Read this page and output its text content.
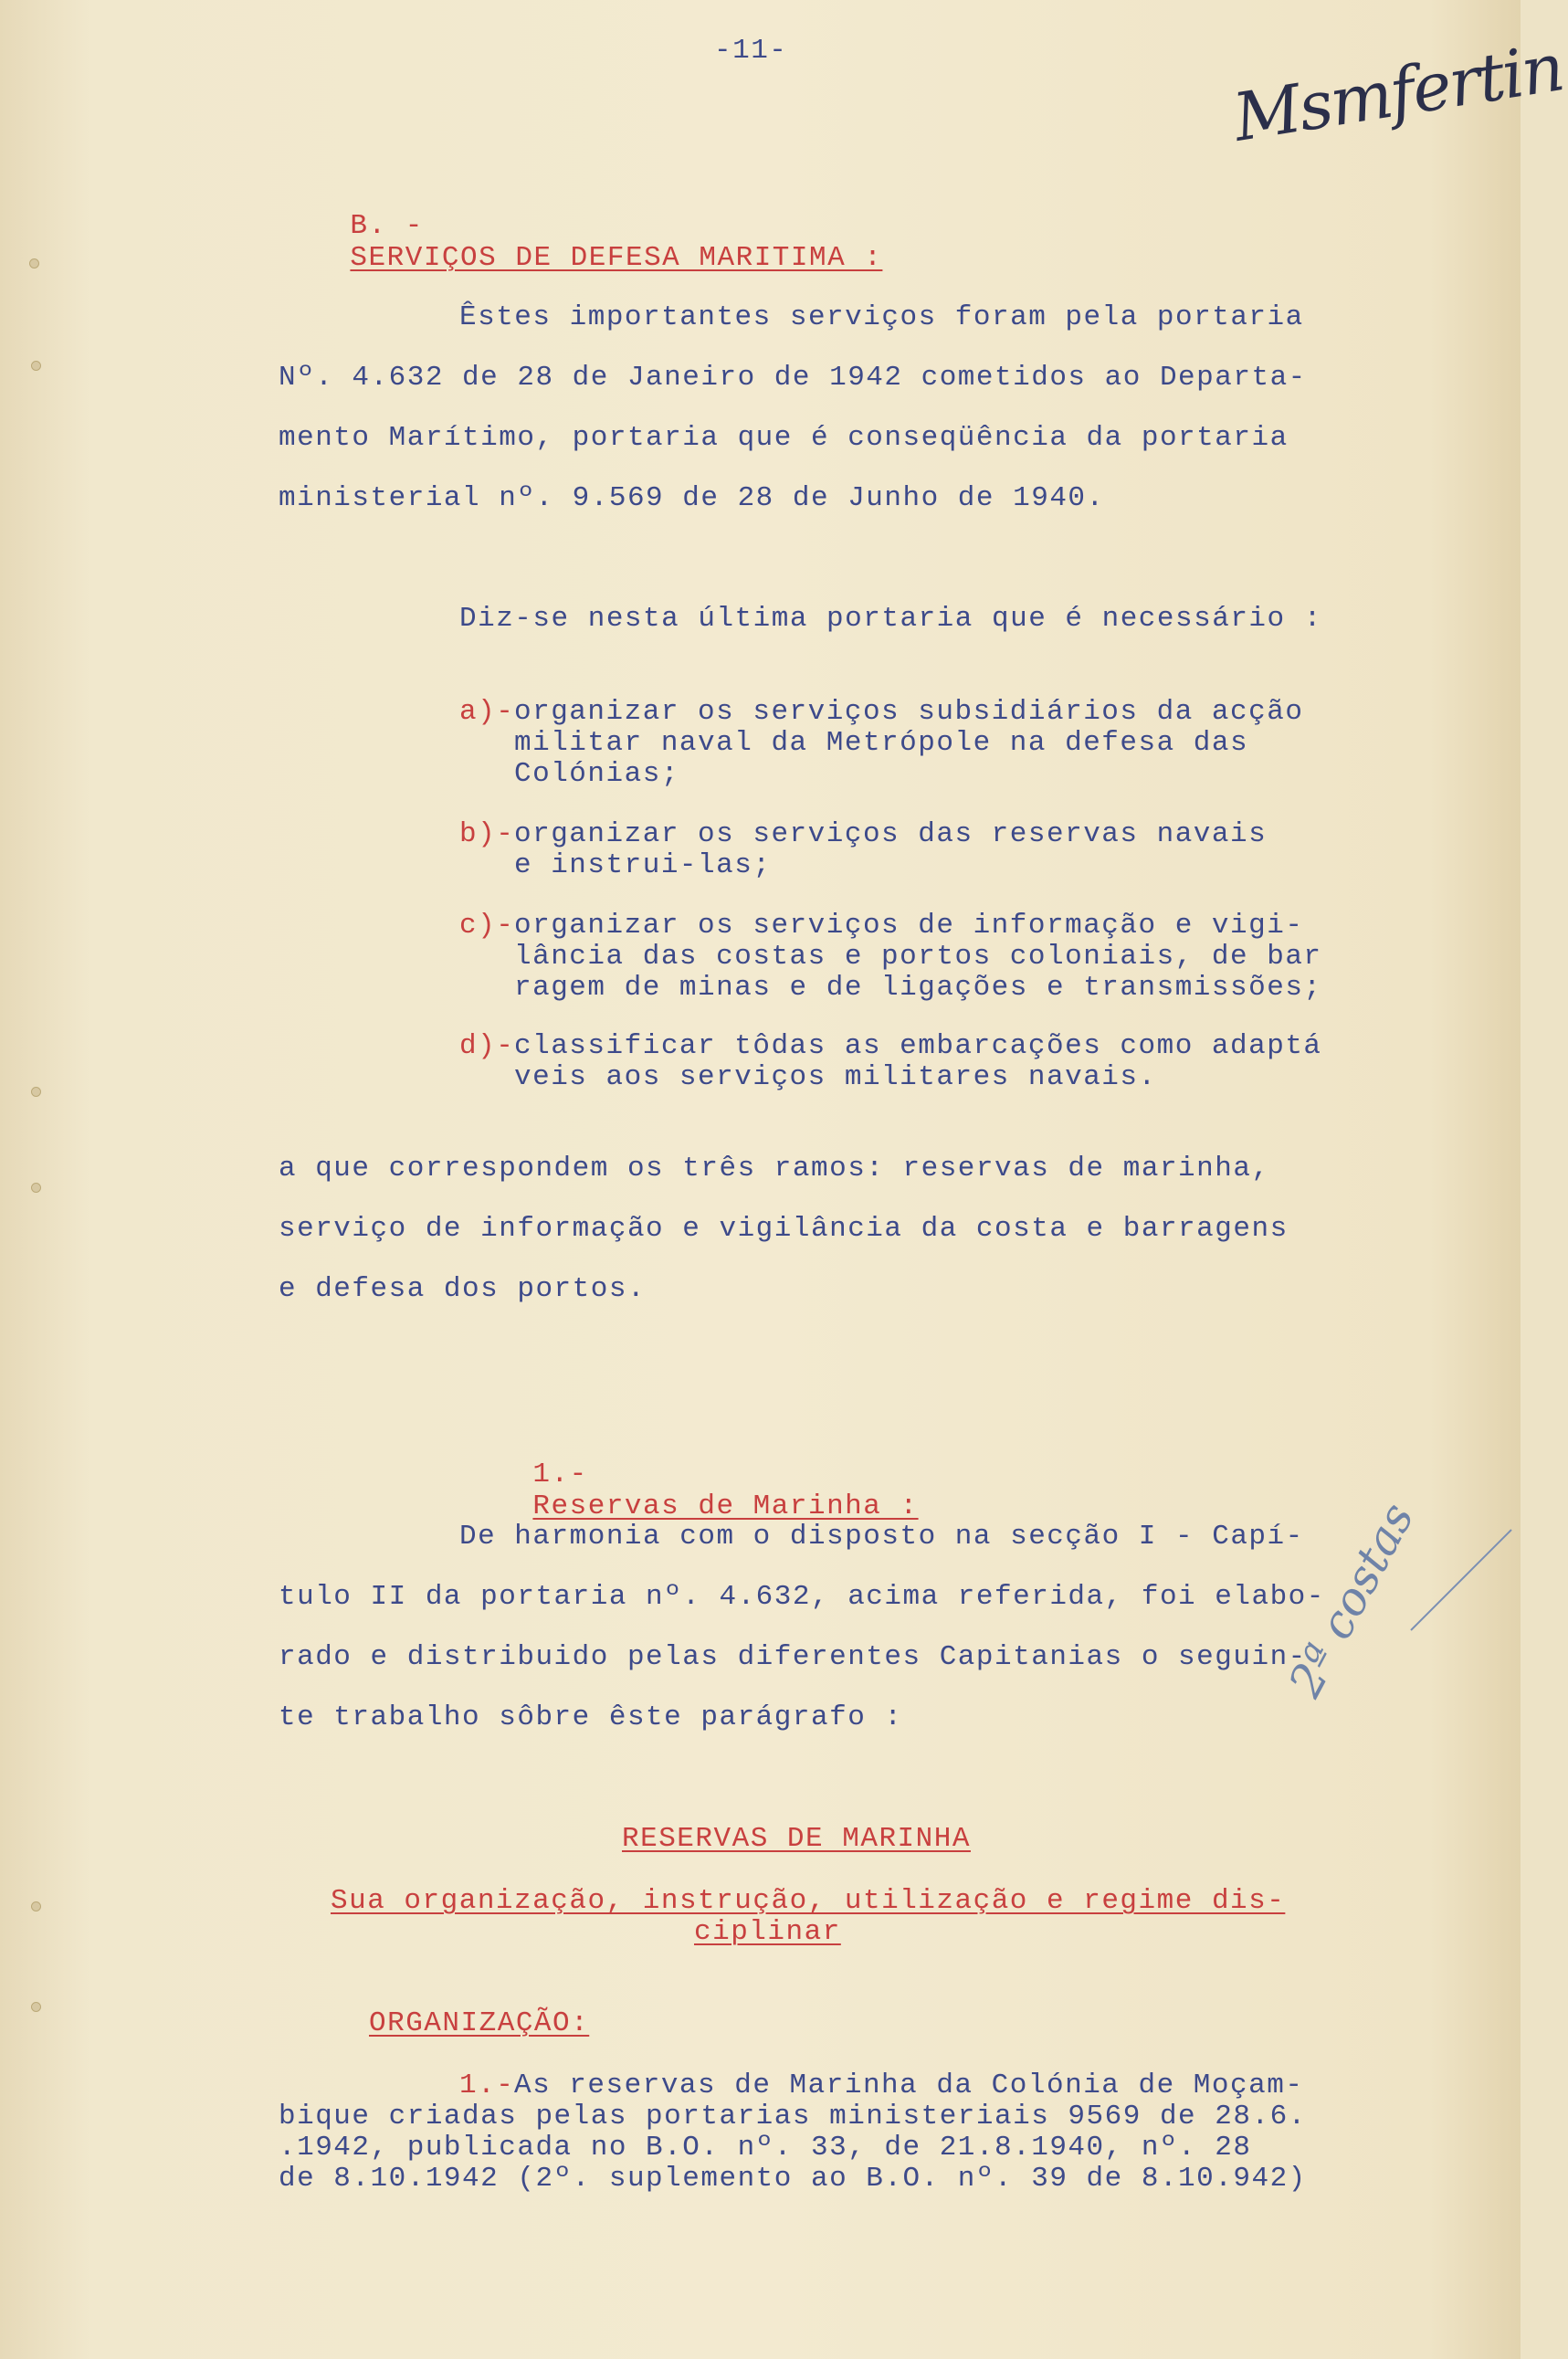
-11-	Msmfertin

B. -
SERVIÇOS DE DEFESA MARITIMA :

Êstes importantes serviços foram pela portaria
Nº. 4.632 de 28 de Janeiro de 1942 cometidos ao Departa-
mento Marítimo, portaria que é conseqüência da portaria
ministerial nº. 9.569 de 28 de Junho de 1940.
Diz-se nesta última portaria que é necessário :
a)- organizar os serviços subsidiários da acção
militar naval da Metrópole na defesa das
Colónias;
b)- organizar os serviços das reservas navais
e instrui-las;
c)- organizar os serviços de informação e vigi-
lância das costas e portos coloniais, de bar
ragem de minas e de ligações e transmissões;
d)- classificar tôdas as embarcações como adaptá
veis aos serviços militares navais.
a que correspondem os três ramos: reservas de marinha,
serviço de informação e vigilância da costa e barragens
e defesa dos portos.

1.-
Reservas de Marinha :

De harmonia com o disposto na secção I - Capí-
tulo II da portaria nº. 4.632, acima referida, foi elabo-
rado e distribuido pelas diferentes Capitanias o seguin-
te trabalho sôbre êste parágrafo :
2ª costas
RESERVAS DE MARINHA
Sua organização, instrução, utilização e regime dis-
ciplinar
ORGANIZAÇÃO:
1.- As reservas de Marinha da Colónia de Moçam-
bique criadas pelas portarias ministeriais 9569 de 28.6.
.1942, publicada no B.O. nº. 33, de 21.8.1940, nº. 28
de 8.10.1942 (2º. suplemento ao B.O. nº. 39 de 8.10.942)
